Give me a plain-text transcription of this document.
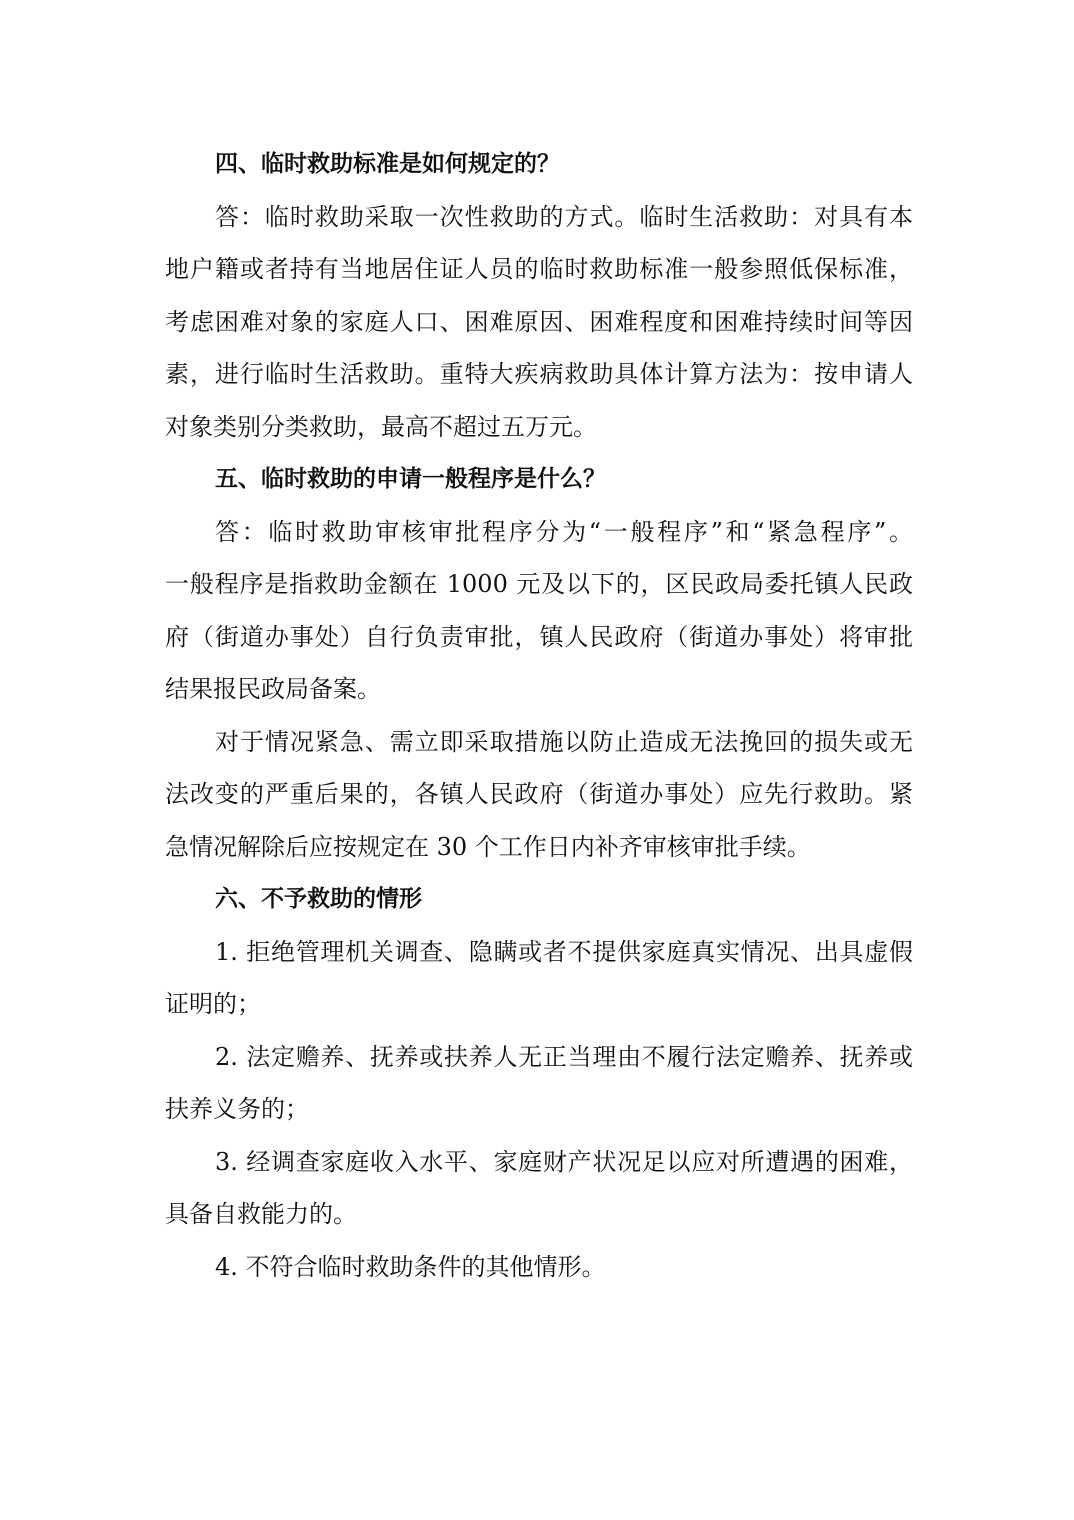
四、临时救助标准是如何规定的？
答：临时救助采取一次性救助的方式。临时生活救助：对具有本
地户籍或者持有当地居住证人员的临时救助标准一般参照低保标准，
考虑困难对象的家庭人口、困难原因、困难程度和困难持续时间等因
素，进行临时生活救助。重特大疾病救助具体计算方法为：按申请人
对象类别分类救助，最高不超过五万元。
五、临时救助的申请一般程序是什么？
答：临时救助审核审批程序分为“一般程序”和“紧急程序”。
一般程序是指救助金额在 1000 元及以下的，区民政局委托镇人民政
府（街道办事处）自行负责审批，镇人民政府（街道办事处）将审批
结果报民政局备案。
对于情况紧急、需立即采取措施以防止造成无法挽回的损失或无
法改变的严重后果的，各镇人民政府（街道办事处）应先行救助。紧
急情况解除后应按规定在 30 个工作日内补齐审核审批手续。
六、不予救助的情形
1. 拒绝管理机关调查、隐瞒或者不提供家庭真实情况、出具虚假
证明的；
2. 法定赡养、抚养或扶养人无正当理由不履行法定赡养、抚养或
扶养义务的；
3. 经调查家庭收入水平、家庭财产状况足以应对所遭遇的困难，
具备自救能力的。
4. 不符合临时救助条件的其他情形。
